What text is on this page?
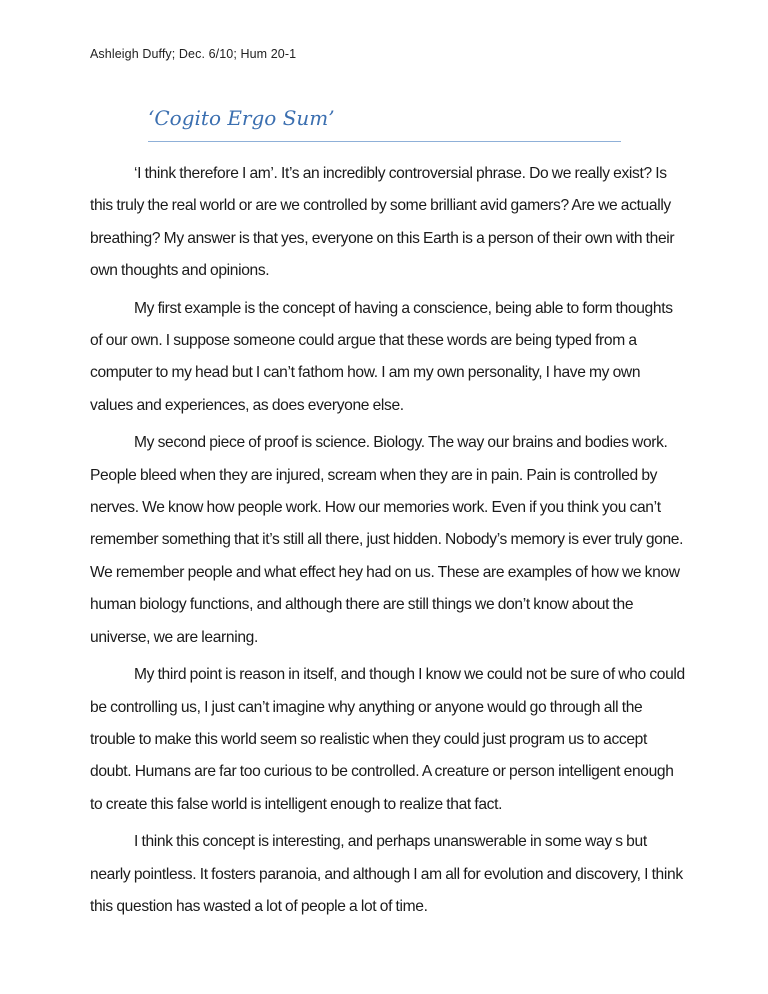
Ashleigh Duffy; Dec. 6/10; Hum 20-1
‘Cogito Ergo Sum’

‘I think therefore I am’. It’s an incredibly controversial phrase. Do we really exist? Is this truly the real world or are we controlled by some brilliant avid gamers? Are we actually breathing? My answer is that yes, everyone on this Earth is a person of their own with their own thoughts and opinions.

My first example is the concept of having a conscience, being able to form thoughts of our own. I suppose someone could argue that these words are being typed from a computer to my head but I can’t fathom how. I am my own personality, I have my own values and experiences, as does everyone else.

My second piece of proof is science. Biology. The way our brains and bodies work. People bleed when they are injured, scream when they are in pain. Pain is controlled by nerves. We know how people work. How our memories work. Even if you think you can’t remember something that it’s still all there, just hidden. Nobody’s memory is ever truly gone. We remember people and what effect hey had on us. These are examples of how we know human biology functions, and although there are still things we don’t know about the universe, we are learning.

My third point is reason in itself, and though I know we could not be sure of who could be controlling us, I just can’t imagine why anything or anyone would go through all the trouble to make this world seem so realistic when they could just program us to accept doubt. Humans are far too curious to be controlled. A creature or person intelligent enough to create this false world is intelligent enough to realize that fact.

I think this concept is interesting, and perhaps unanswerable in some way s but nearly pointless. It fosters paranoia, and although I am all for evolution and discovery, I think this question has wasted a lot of people a lot of time.
